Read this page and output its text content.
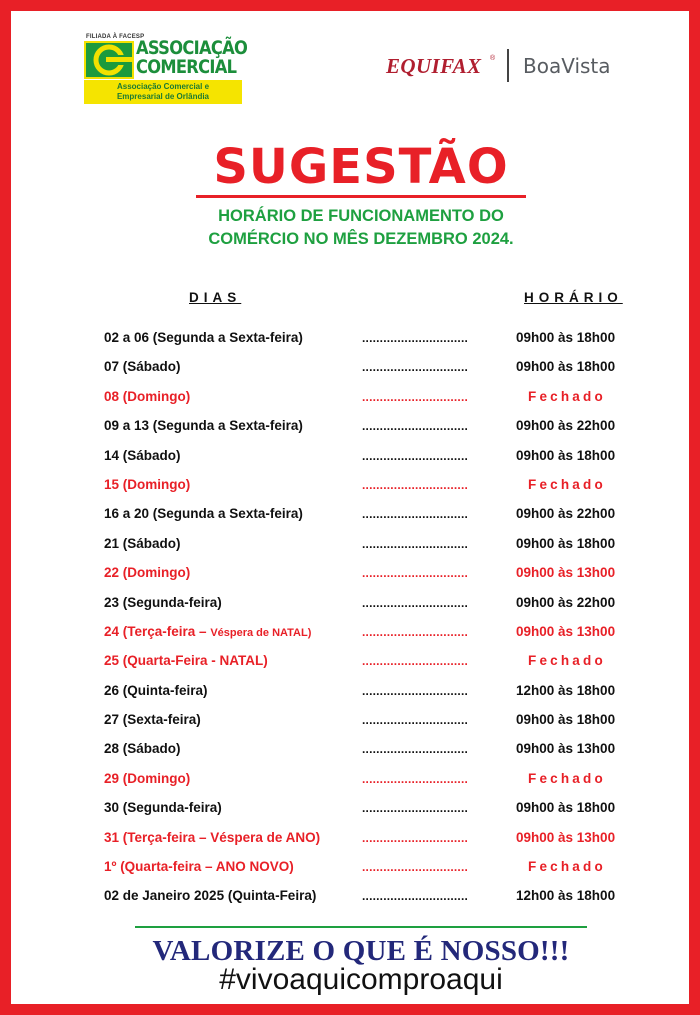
FILIADA À FACESP
ASSOCIAÇÃO
COMERCIAL
Associação Comercial e
Empresarial de Orlândia
EQUIFAX ® BoaVista
SUGESTÃO
HORÁRIO DE FUNCIONAMENTO DO
COMÉRCIO NO MÊS DEZEMBRO 2024.
DIAS	HORÁRIO
02 a 06 (Segunda a Sexta-feira)	..............................	09h00 às 18h00
07 (Sábado)	..............................	09h00 às 18h00
08 (Domingo)	..............................	Fechado
09 a 13 (Segunda a Sexta-feira)	..............................	09h00 às 22h00
14 (Sábado)	..............................	09h00 às 18h00
15 (Domingo)	..............................	Fechado
16 a 20 (Segunda a Sexta-feira)	..............................	09h00 às 22h00
21 (Sábado)	..............................	09h00 às 18h00
22 (Domingo)	..............................	09h00 às 13h00
23 (Segunda-feira)	..............................	09h00 às 22h00
24 (Terça-feira – Véspera de NATAL)	..............................	09h00 às 13h00
25 (Quarta-Feira - NATAL)	..............................	Fechado
26 (Quinta-feira)	..............................	12h00 às 18h00
27 (Sexta-feira)	..............................	09h00 às 18h00
28 (Sábado)	..............................	09h00 às 13h00
29 (Domingo)	..............................	Fechado
30 (Segunda-feira)	..............................	09h00 às 18h00
31 (Terça-feira – Véspera de ANO)	..............................	09h00 às 13h00
1º (Quarta-feira – ANO NOVO)	..............................	Fechado
02 de Janeiro 2025 (Quinta-Feira)	..............................	12h00 às 18h00
VALORIZE O QUE É NOSSO!!!
#vivoaquicomproaqui
